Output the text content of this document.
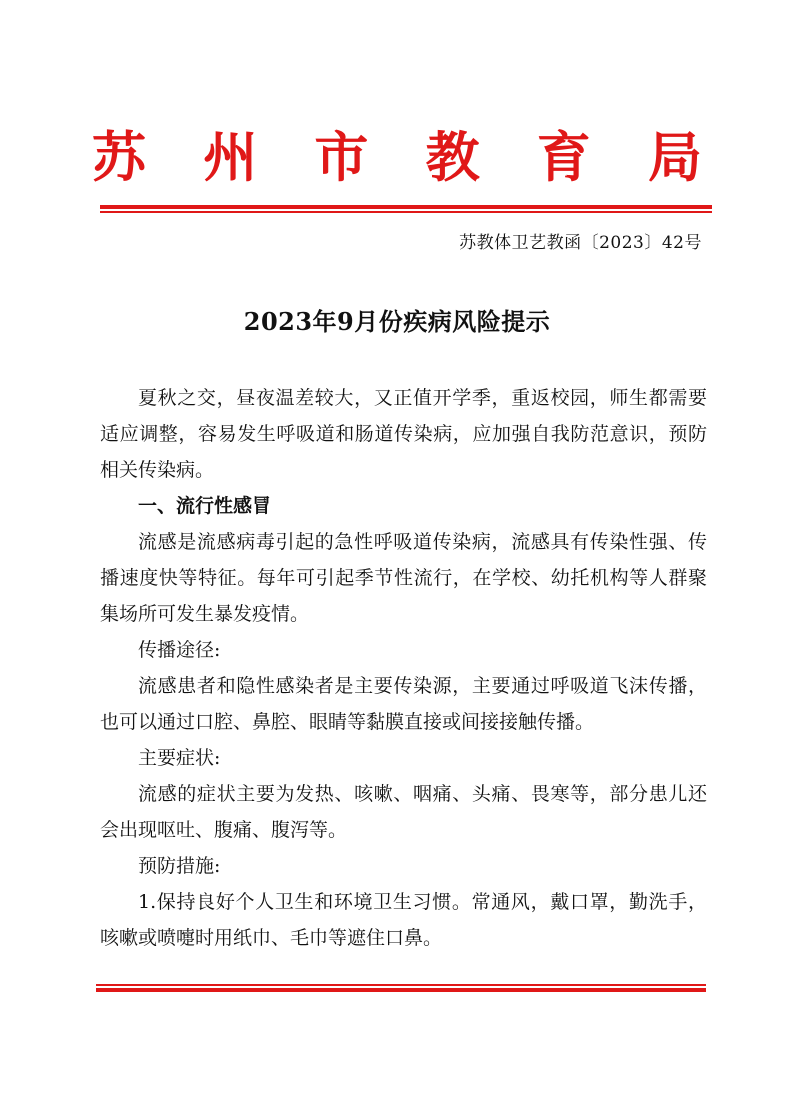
苏 州 市 教 育 局
苏教体卫艺教函〔2023〕42号
2023年9月份疾病风险提示

夏秋之交，昼夜温差较大，又正值开学季，重返校园，师生都需要适应调整，容易发生呼吸道和肠道传染病，应加强自我防范意识，预防相关传染病。

一、流行性感冒

流感是流感病毒引起的急性呼吸道传染病，流感具有传染性强、传播速度快等特征。每年可引起季节性流行，在学校、幼托机构等人群聚集场所可发生暴发疫情。

传播途径:

流感患者和隐性感染者是主要传染源，主要通过呼吸道飞沫传播，也可以通过口腔、鼻腔、眼睛等黏膜直接或间接接触传播。

主要症状:

流感的症状主要为发热、咳嗽、咽痛、头痛、畏寒等，部分患儿还会出现呕吐、腹痛、腹泻等。

预防措施:

1.保持良好个人卫生和环境卫生习惯。常通风，戴口罩，勤洗手，咳嗽或喷嚏时用纸巾、毛巾等遮住口鼻。
